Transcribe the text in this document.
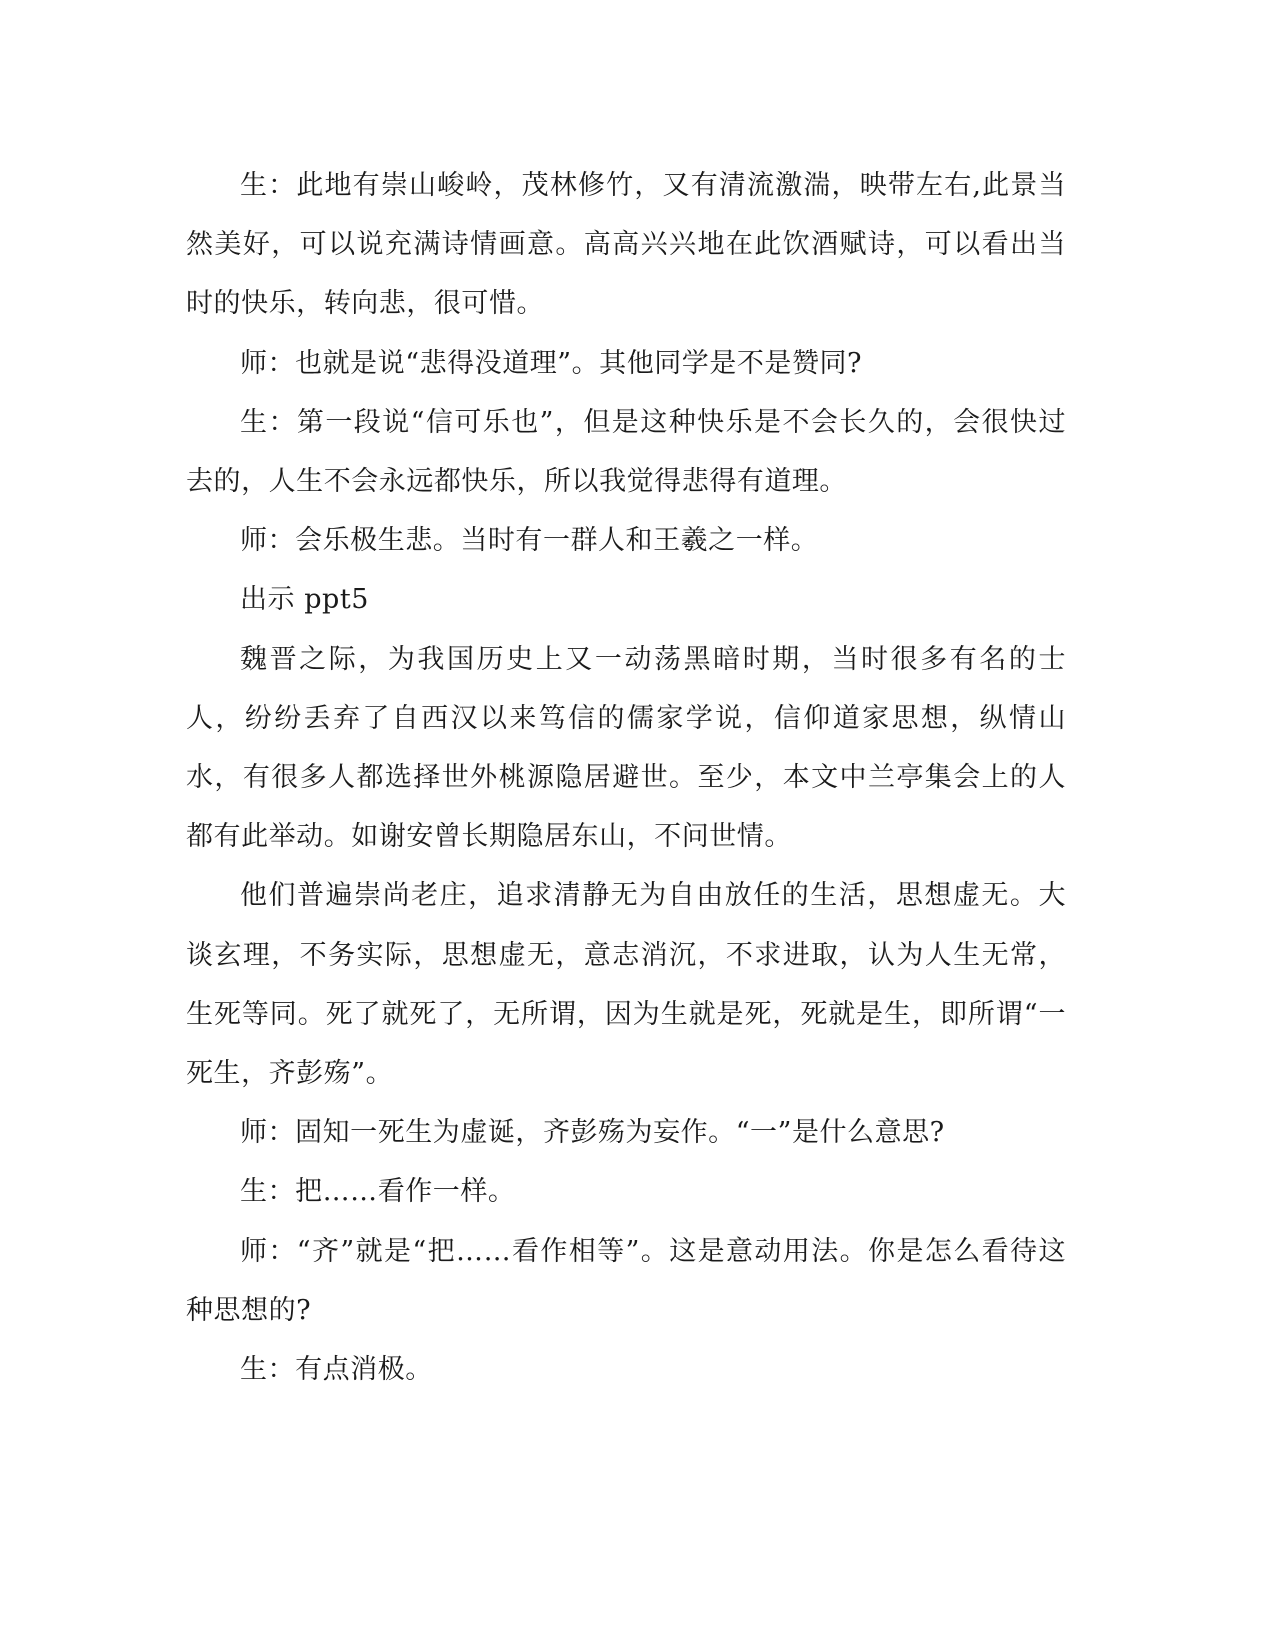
生：此地有崇山峻岭，茂林修竹，又有清流激湍，映带左右,此景当然美好，可以说充满诗情画意。高高兴兴地在此饮酒赋诗，可以看出当时的快乐，转向悲，很可惜。

师：也就是说“悲得没道理”。其他同学是不是赞同?

生：第一段说“信可乐也”，但是这种快乐是不会长久的，会很快过去的，人生不会永远都快乐，所以我觉得悲得有道理。

师：会乐极生悲。当时有一群人和王羲之一样。

出示 ppt5

魏晋之际，为我国历史上又一动荡黑暗时期，当时很多有名的士人，纷纷丢弃了自西汉以来笃信的儒家学说，信仰道家思想，纵情山水，有很多人都选择世外桃源隐居避世。至少，本文中兰亭集会上的人都有此举动。如谢安曾长期隐居东山，不问世情。

他们普遍崇尚老庄，追求清静无为自由放任的生活，思想虚无。大谈玄理，不务实际，思想虚无，意志消沉，不求进取，认为人生无常，生死等同。死了就死了，无所谓，因为生就是死，死就是生，即所谓“一死生，齐彭殇”。

师：固知一死生为虚诞，齐彭殇为妄作。“一”是什么意思?

生：把……看作一样。

师：“齐”就是“把……看作相等”。这是意动用法。你是怎么看待这种思想的?

生：有点消极。
